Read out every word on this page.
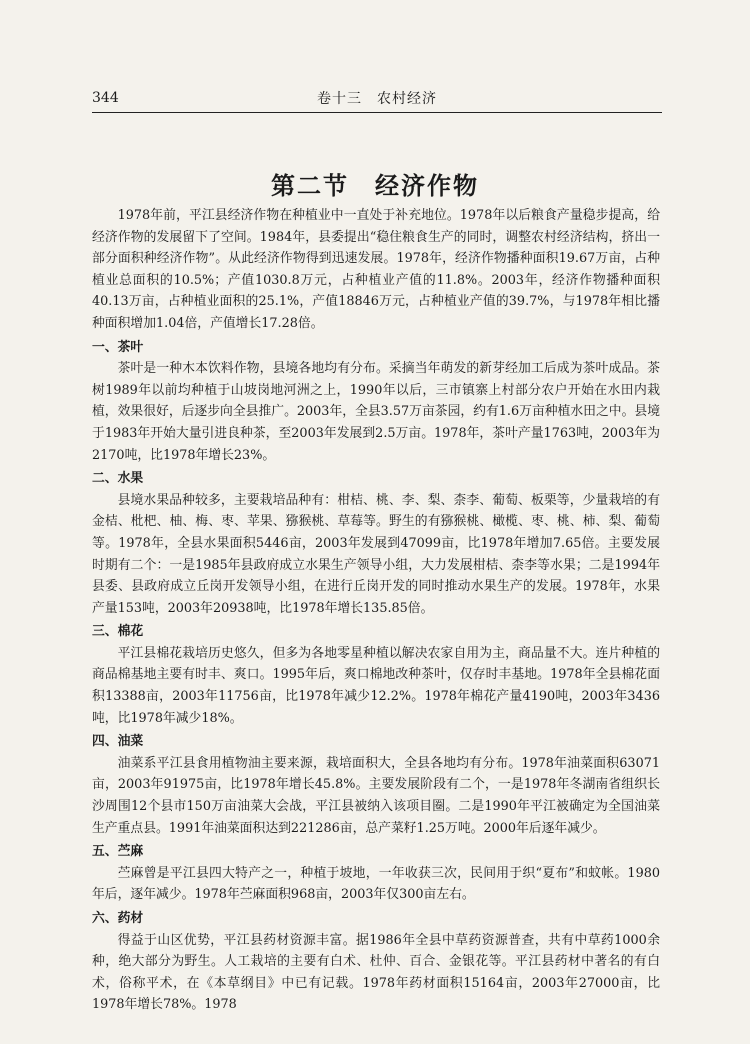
344	卷十三　农村经济
第二节　经济作物

1978年前，平江县经济作物在种植业中一直处于补充地位。1978年以后粮食产量稳步提高，给经济作物的发展留下了空间。1984年，县委提出“稳住粮食生产的同时，调整农村经济结构，挤出一部分面积种经济作物”。从此经济作物得到迅速发展。1978年，经济作物播种面积19.67万亩，占种植业总面积的10.5%；产值1030.8万元，占种植业产值的11.8%。2003年，经济作物播种面积40.13万亩，占种植业面积的25.1%，产值18846万元，占种植业产值的39.7%，与1978年相比播种面积增加1.04倍，产值增长17.28倍。

一、茶叶

茶叶是一种木本饮料作物，县境各地均有分布。采摘当年萌发的新芽经加工后成为茶叶成品。茶树1989年以前均种植于山坡岗地河洲之上，1990年以后，三市镇寨上村部分农户开始在水田内栽植，效果很好，后逐步向全县推广。2003年，全县3.57万亩茶园，约有1.6万亩种植水田之中。县境于1983年开始大量引进良种茶，至2003年发展到2.5万亩。1978年，茶叶产量1763吨，2003年为2170吨，比1978年增长23%。

二、水果

县境水果品种较多，主要栽培品种有：柑桔、桃、李、梨、柰李、葡萄、板栗等，少量栽培的有金桔、枇杷、柚、梅、枣、苹果、猕猴桃、草莓等。野生的有猕猴桃、橄榄、枣、桃、柿、梨、葡萄等。1978年，全县水果面积5446亩，2003年发展到47099亩，比1978年增加7.65倍。主要发展时期有二个：一是1985年县政府成立水果生产领导小组，大力发展柑桔、柰李等水果；二是1994年县委、县政府成立丘岗开发领导小组，在进行丘岗开发的同时推动水果生产的发展。1978年，水果产量153吨，2003年20938吨，比1978年增长135.85倍。

三、棉花

平江县棉花栽培历史悠久，但多为各地零星种植以解决农家自用为主，商品量不大。连片种植的商品棉基地主要有时丰、爽口。1995年后，爽口棉地改种茶叶，仅存时丰基地。1978年全县棉花面积13388亩，2003年11756亩，比1978年减少12.2%。1978年棉花产量4190吨，2003年3436吨，比1978年减少18%。

四、油菜

油菜系平江县食用植物油主要来源，栽培面积大，全县各地均有分布。1978年油菜面积63071亩，2003年91975亩，比1978年增长45.8%。主要发展阶段有二个，一是1978年冬湖南省组织长沙周围12个县市150万亩油菜大会战，平江县被纳入该项目圈。二是1990年平江被确定为全国油菜生产重点县。1991年油菜面积达到221286亩，总产菜籽1.25万吨。2000年后逐年减少。

五、苎麻

苎麻曾是平江县四大特产之一，种植于坡地，一年收获三次，民间用于织“夏布”和蚊帐。1980年后，逐年减少。1978年苎麻面积968亩，2003年仅300亩左右。

六、药材

得益于山区优势，平江县药材资源丰富。据1986年全县中草药资源普查，共有中草药1000余种，绝大部分为野生。人工栽培的主要有白术、杜仲、百合、金银花等。平江县药材中著名的有白术，俗称平术，在《本草纲目》中已有记载。1978年药材面积15164亩，2003年27000亩，比1978年增长78%。1978
